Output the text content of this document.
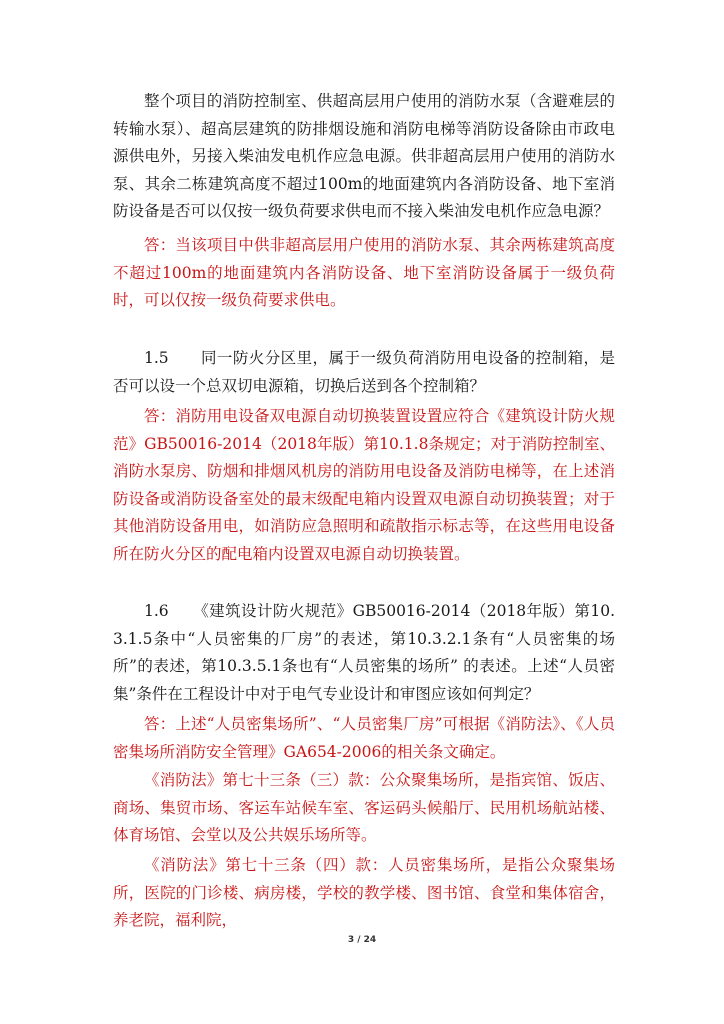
整个项目的消防控制室、供超高层用户使用的消防水泵（含避难层的转输水泵）、超高层建筑的防排烟设施和消防电梯等消防设备除由市政电源供电外，另接入柴油发电机作应急电源。供非超高层用户使用的消防水泵、其余二栋建筑高度不超过100m的地面建筑内各消防设备、地下室消防设备是否可以仅按一级负荷要求供电而不接入柴油发电机作应急电源？

答：当该项目中供非超高层用户使用的消防水泵、其余两栋建筑高度不超过100m的地面建筑内各消防设备、地下室消防设备属于一级负荷时，可以仅按一级负荷要求供电。

1.5　　同一防火分区里，属于一级负荷消防用电设备的控制箱，是否可以设一个总双切电源箱，切换后送到各个控制箱？

答：消防用电设备双电源自动切换装置设置应符合《建筑设计防火规范》GB50016-2014（2018年版）第10.1.8条规定；对于消防控制室、消防水泵房、防烟和排烟风机房的消防用电设备及消防电梯等，在上述消防设备或消防设备室处的最末级配电箱内设置双电源自动切换装置；对于其他消防设备用电，如消防应急照明和疏散指示标志等，在这些用电设备所在防火分区的配电箱内设置双电源自动切换装置。

1.6　　《建筑设计防火规范》GB50016-2014（2018年版）第10.3.1.5条中“人员密集的厂房”的表述，第10.3.2.1条有“人员密集的场所”的表述，第10.3.5.1条也有“人员密集的场所” 的表述。上述“人员密集”条件在工程设计中对于电气专业设计和审图应该如何判定？

答：上述“人员密集场所”、“人员密集厂房”可根据《消防法》、《人员密集场所消防安全管理》GA654-2006的相关条文确定。

《消防法》第七十三条（三）款：公众聚集场所，是指宾馆、饭店、商场、集贸市场、客运车站候车室、客运码头候船厅、民用机场航站楼、体育场馆、会堂以及公共娱乐场所等。

《消防法》第七十三条（四）款：人员密集场所，是指公众聚集场所，医院的门诊楼、病房楼，学校的教学楼、图书馆、食堂和集体宿舍，养老院，福利院，

3 / 24
